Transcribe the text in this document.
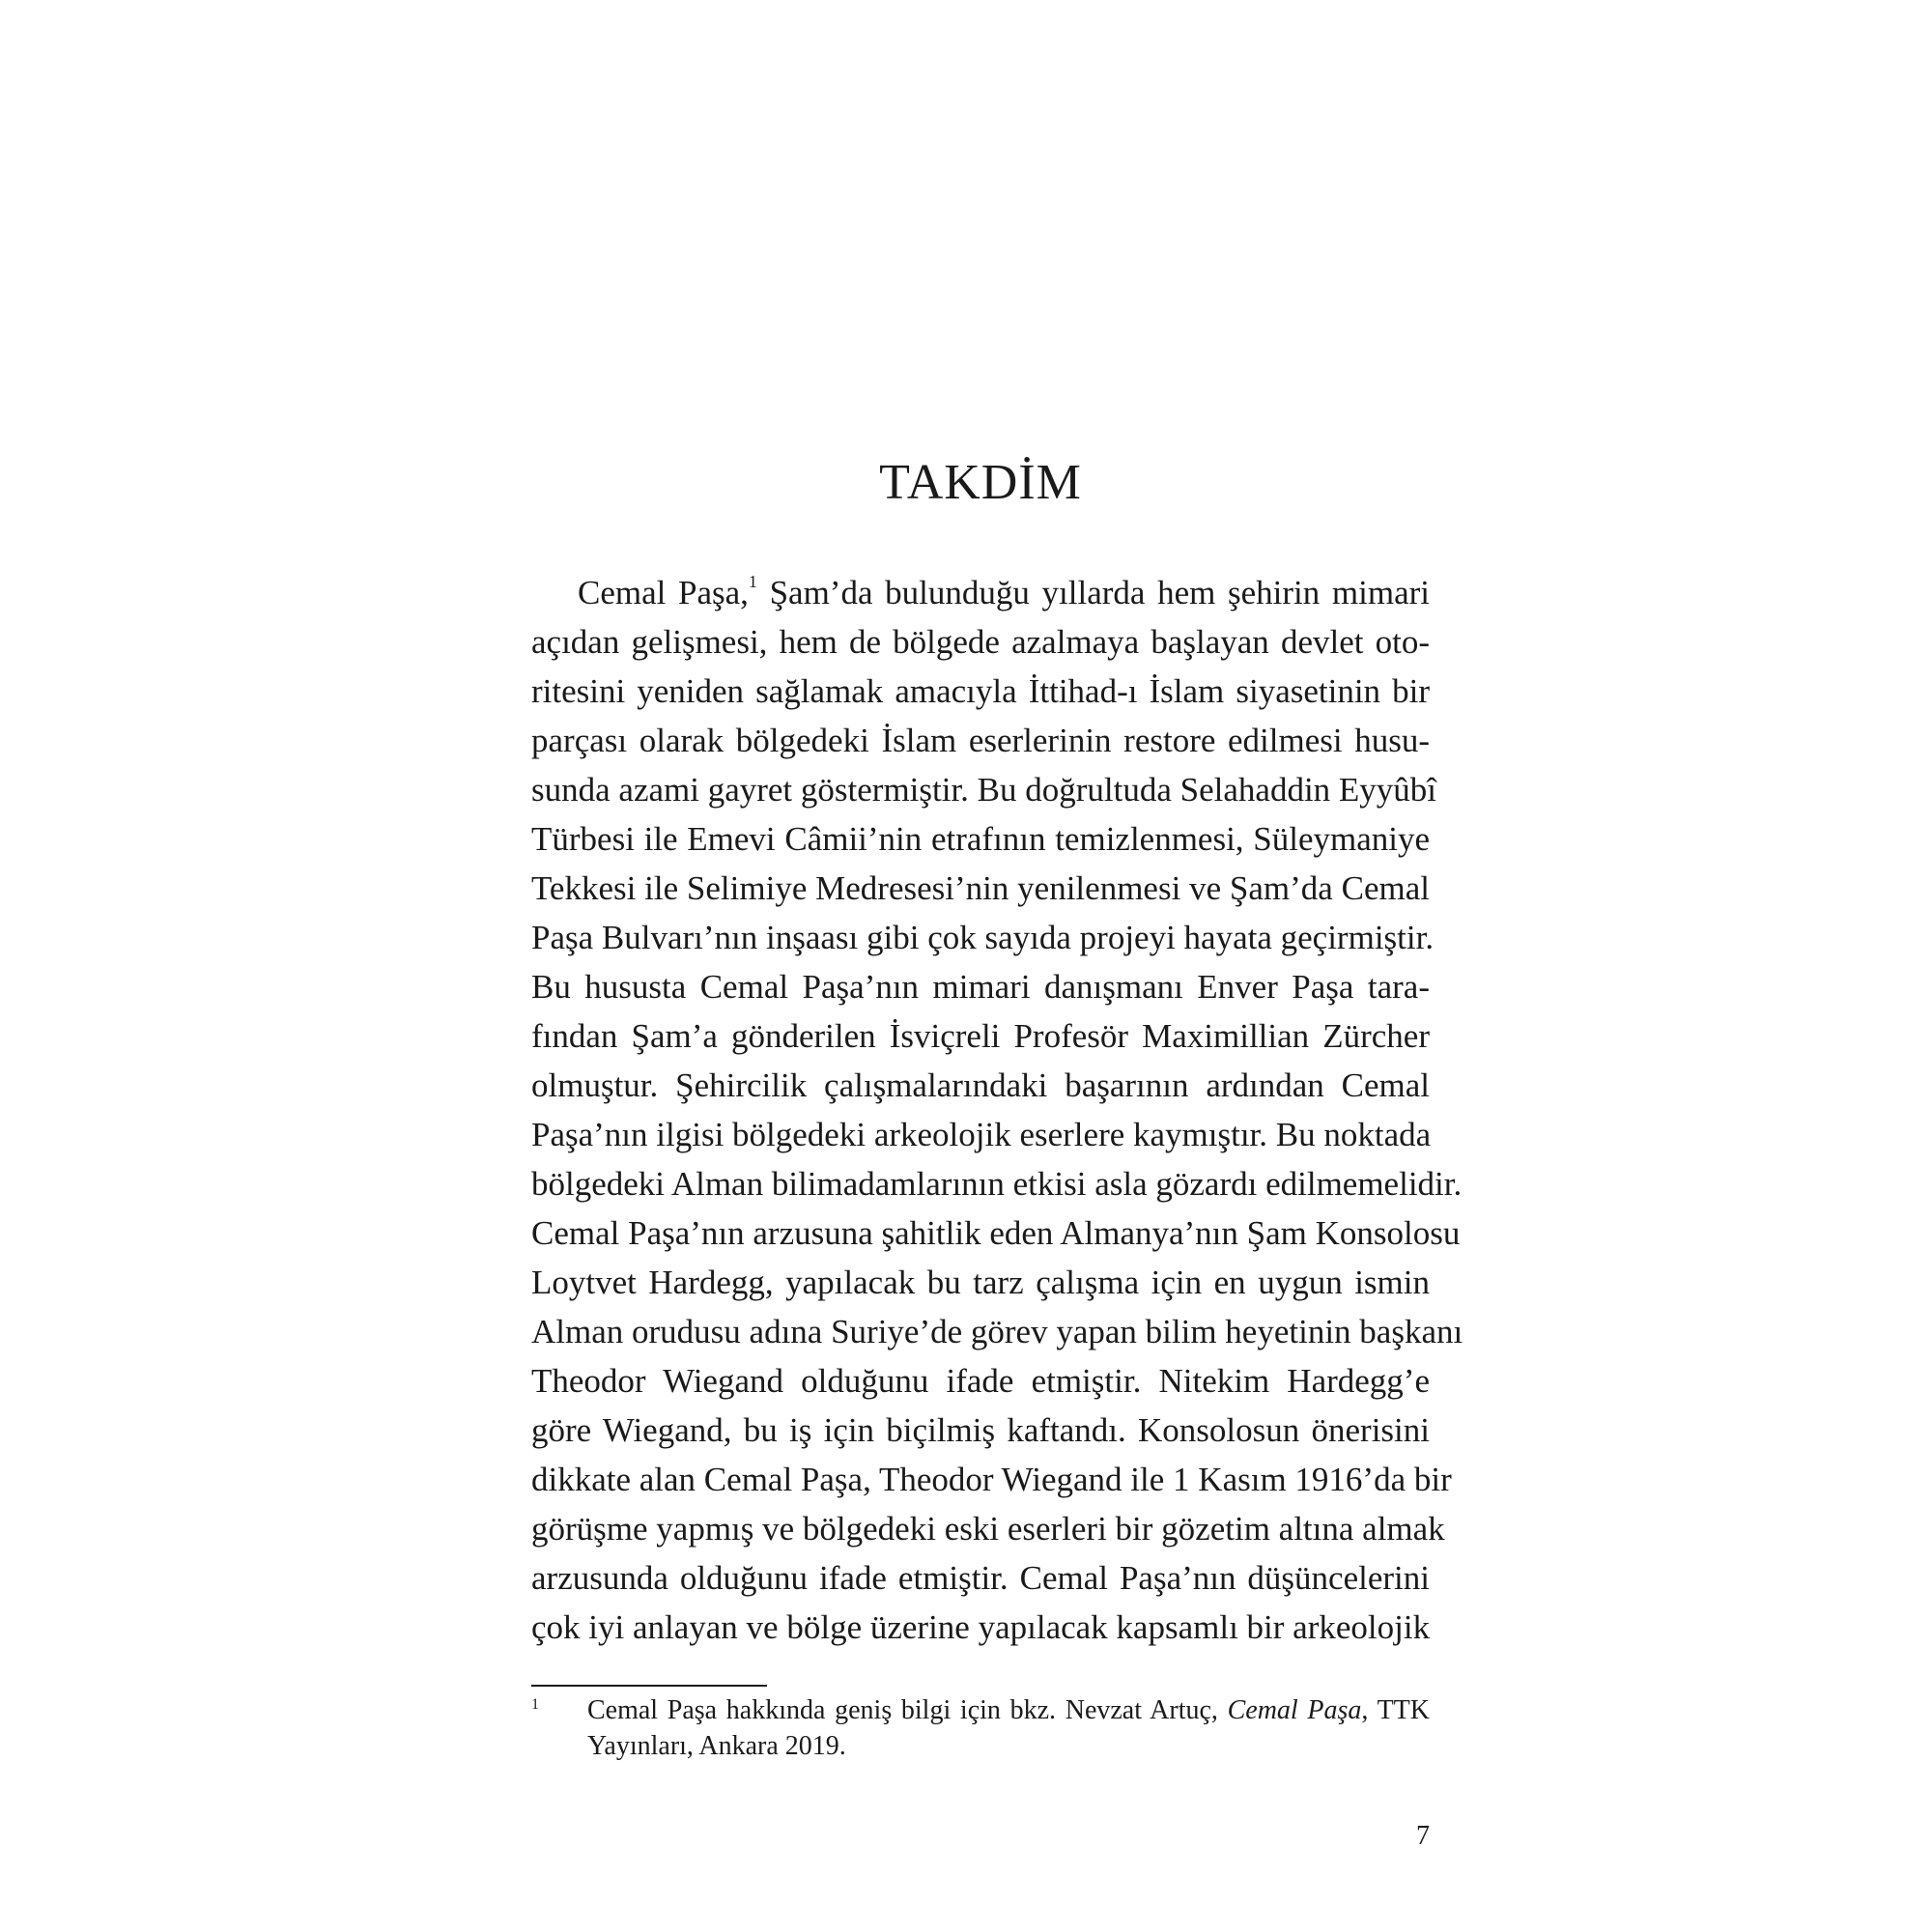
TAKDİM
Cemal Paşa,$^1$ Şam’da bulunduğu yıllarda hem şehirin mimari
açıdan gelişmesi, hem de bölgede azalmaya başlayan devlet oto-
ritesini yeniden sağlamak amacıyla İttihad-ı İslam siyasetinin bir
parçası olarak bölgedeki İslam eserlerinin restore edilmesi husu-
sunda azami gayret göstermiştir. Bu doğrultuda Selahaddin Eyyûbî
Türbesi ile Emevi Câmii’nin etrafının temizlenmesi, Süleymaniye
Tekkesi ile Selimiye Medresesi’nin yenilenmesi ve Şam’da Cemal
Paşa Bulvarı’nın inşaası gibi çok sayıda projeyi hayata geçirmiştir.
Bu hususta Cemal Paşa’nın mimari danışmanı Enver Paşa tara-
fından Şam’a gönderilen İsviçreli Profesör Maximillian Zürcher
olmuştur. Şehircilik çalışmalarındaki başarının ardından Cemal
Paşa’nın ilgisi bölgedeki arkeolojik eserlere kaymıştır. Bu noktada
bölgedeki Alman bilimadamlarının etkisi asla gözardı edilmemelidir.
Cemal Paşa’nın arzusuna şahitlik eden Almanya’nın Şam Konsolosu
Loytvet Hardegg, yapılacak bu tarz çalışma için en uygun ismin
Alman orudusu adına Suriye’de görev yapan bilim heyetinin başkanı
Theodor Wiegand olduğunu ifade etmiştir. Nitekim Hardegg’e
göre Wiegand, bu iş için biçilmiş kaftandı. Konsolosun önerisini
dikkate alan Cemal Paşa, Theodor Wiegand ile 1 Kasım 1916’da bir
görüşme yapmış ve bölgedeki eski eserleri bir gözetim altına almak
arzusunda olduğunu ifade etmiştir. Cemal Paşa’nın düşüncelerini
çok iyi anlayan ve bölge üzerine yapılacak kapsamlı bir arkeolojik
1 Cemal Paşa hakkında geniş bilgi için bkz. Nevzat Artuç, Cemal Paşa, TTK
Yayınları, Ankara 2019.
7
